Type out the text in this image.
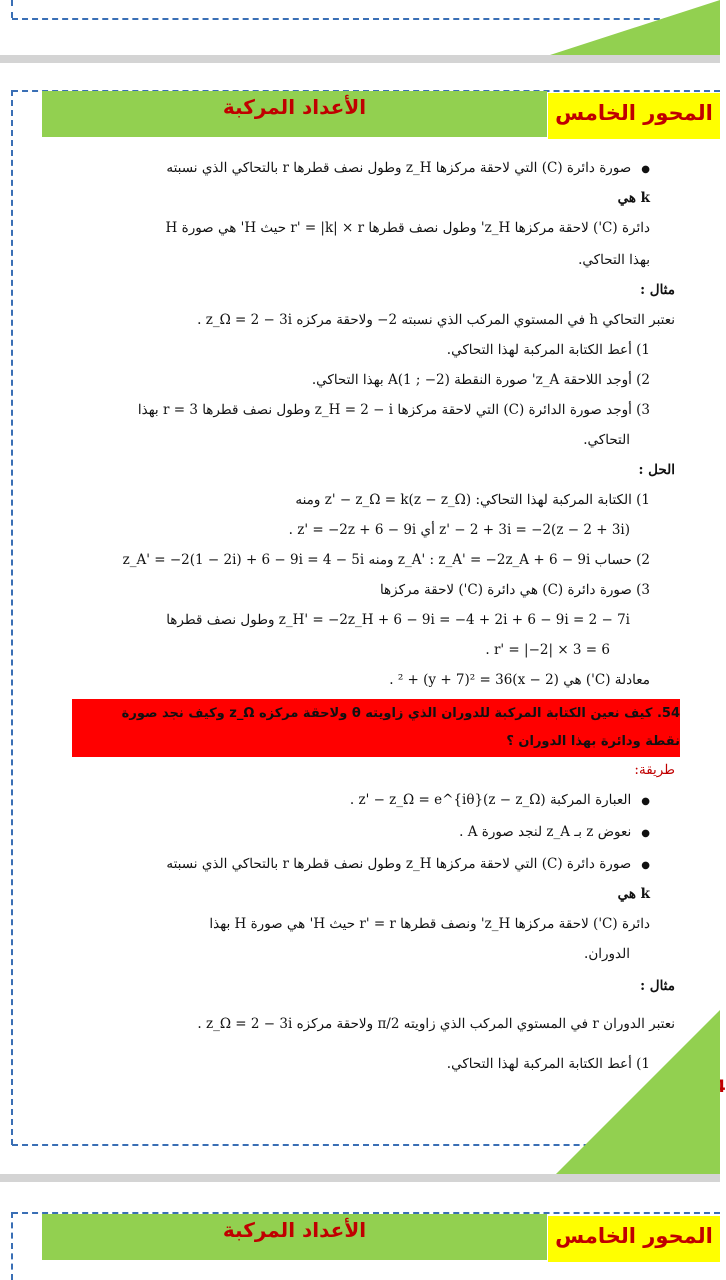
الأعداد المركبة	المحور الخامس
● صورة دائرة (C) التي لاحقة مركزها z_H وطول نصف قطرها r بالتحاكي الذي نسبته
k هي
دائرة (C') لاحقة مركزها z_H' وطول نصف قطرها r' = |k| × r حيث H' هي صورة H
بهذا التحاكي.
مثال :
نعتبر التحاكي h في المستوي المركب الذي نسبته 2− ولاحقة مركزه z_Ω = 2 − 3i .
1) أعط الكتابة المركبة لهذا التحاكي.
2) أوجد اللاحقة z_A' صورة النقطة A(1 ; −2) بهذا التحاكي.
3) أوجد صورة الدائرة (C) التي لاحقة مركزها z_H = 2 − i وطول نصف قطرها r = 3 بهذا
التحاكي.
الحل :
1) الكتابة المركبة لهذا التحاكي: z' − z_Ω = k(z − z_Ω) ومنه
z' − 2 + 3i = −2(z − 2 + 3i) أي z' = −2z + 6 − 9i .
2) حساب z_A' : z_A' = −2z_A + 6 − 9i ومنه z_A' = −2(1 − 2i) + 6 − 9i = 4 − 5i
3) صورة دائرة (C) هي دائرة (C') لاحقة مركزها
z_H' = −2z_H + 6 − 9i = −4 + 2i + 6 − 9i = 2 − 7i وطول نصف قطرها
r' = |−2| × 3 = 6 .
معادلة (C') هي (x − 2)² + (y + 7)² = 36 .
54. كيف نعين الكتابة المركبة للدوران الذي زاويته θ ولاحقة مركزه z_Ω وكيف نجد صورة
نقطة ودائرة بهذا الدوران ؟
طريقة:
● العبارة المركبة z' − z_Ω = e^{iθ}(z − z_Ω) .
● نعوض z بـ z_A لنجد صورة A .
● صورة دائرة (C) التي لاحقة مركزها z_H وطول نصف قطرها r بالتحاكي الذي نسبته
k هي
دائرة (C') لاحقة مركزها z_H' ونصف قطرها r' = r حيث H' هي صورة H بهذا
الدوران.
مثال :
نعتبر الدوران r في المستوي المركب الذي زاويته π/2 ولاحقة مركزه z_Ω = 2 − 3i .
1) أعط الكتابة المركبة لهذا التحاكي.
44
الأعداد المركبة	المحور الخامس
